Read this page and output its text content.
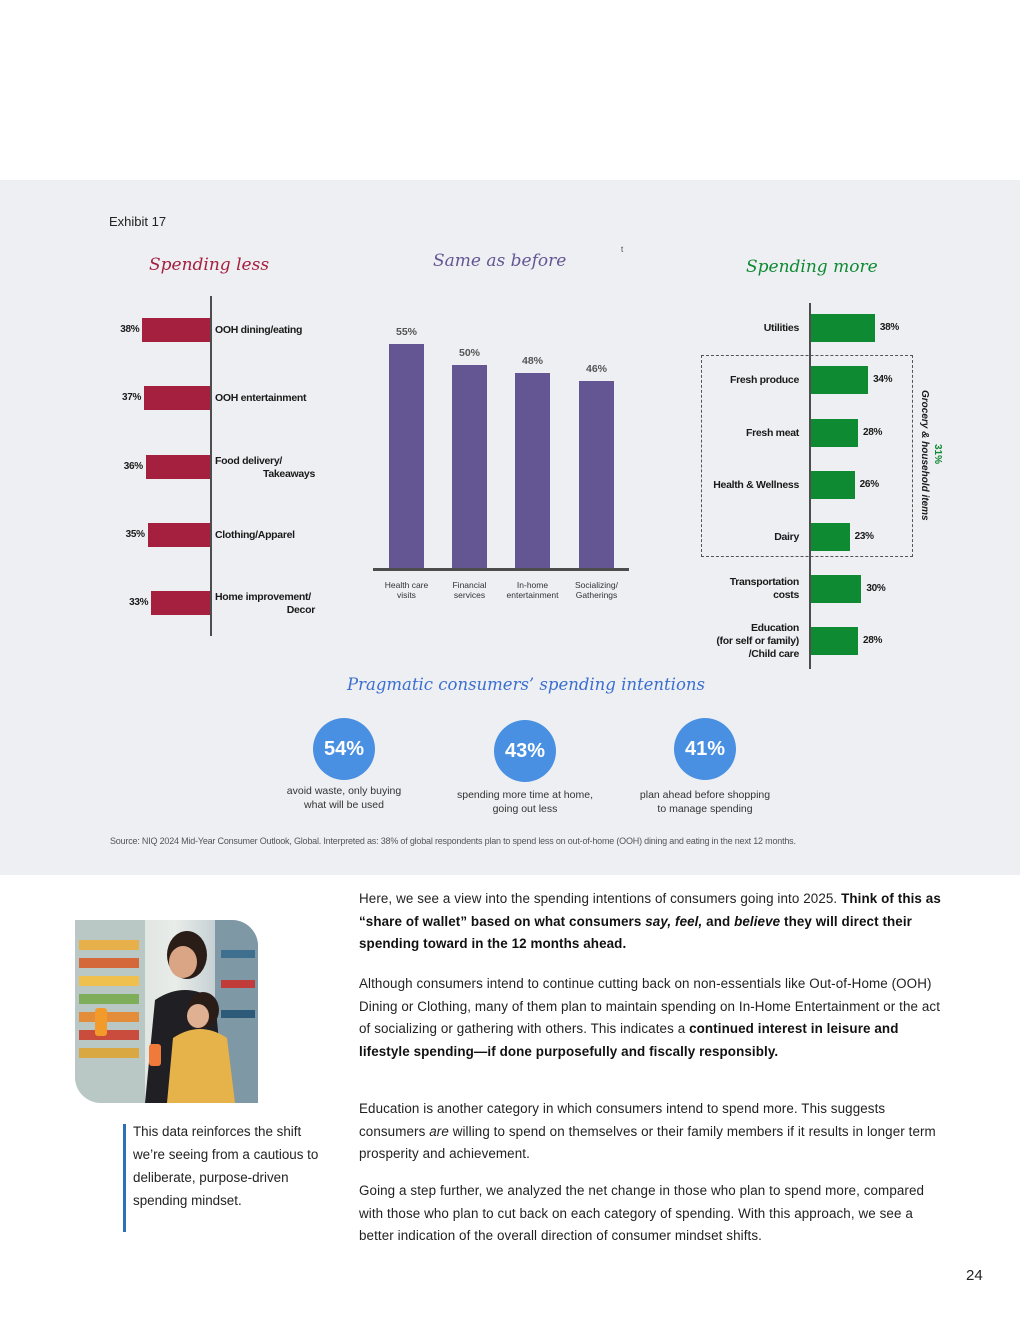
Exhibit 17
t
Spending less	Same as before	Spending more
38%	OOH dining/eating
37%	OOH entertainment
36%	Food delivery/
Takeaways
35%	Clothing/Apparel
33%	Home improvement/
Decor
55%
Health care
visits
50%
Financial
services
48%
In-home
entertainment
46%
Socializing/
Gatherings
Grocery & household items 31%
38%
Utilities
34%
Fresh produce
28%
Fresh meat
26%
Health & Wellness
23%
Dairy
30%
Transportation
costs
28%
Education
(for self or family)
/Child care
Pragmatic consumers’ spending intentions
54%
avoid waste, only buying
what will be used
43%
spending more time at home,
going out less
41%
plan ahead before shopping
to manage spending
Source: NIQ 2024 Mid-Year Consumer Outlook, Global. Interpreted as: 38% of global respondents plan to spend less on out-of-home (OOH) dining and eating in the next 12 months.
This data reinforces the shift we’re seeing from a cautious to deliberate, purpose-driven spending mindset.
Here, we see a view into the spending intentions of consumers going into 2025. Think of this as “share of wallet” based on what consumers say, feel, and believe they will direct their spending toward in the 12 months ahead.
Although consumers intend to continue cutting back on non-essentials like Out-of-Home (OOH) Dining or Clothing, many of them plan to maintain spending on In-Home Entertainment or the act of socializing or gathering with others. This indicates a continued interest in leisure and lifestyle spending—if done purposefully and fiscally responsibly.
Education is another category in which consumers intend to spend more. This suggests consumers are willing to spend on themselves or their family members if it results in longer term prosperity and achievement.
Going a step further, we analyzed the net change in those who plan to spend more, compared with those who plan to cut back on each category of spending. With this approach, we see a better indication of the overall direction of consumer mindset shifts.
24
